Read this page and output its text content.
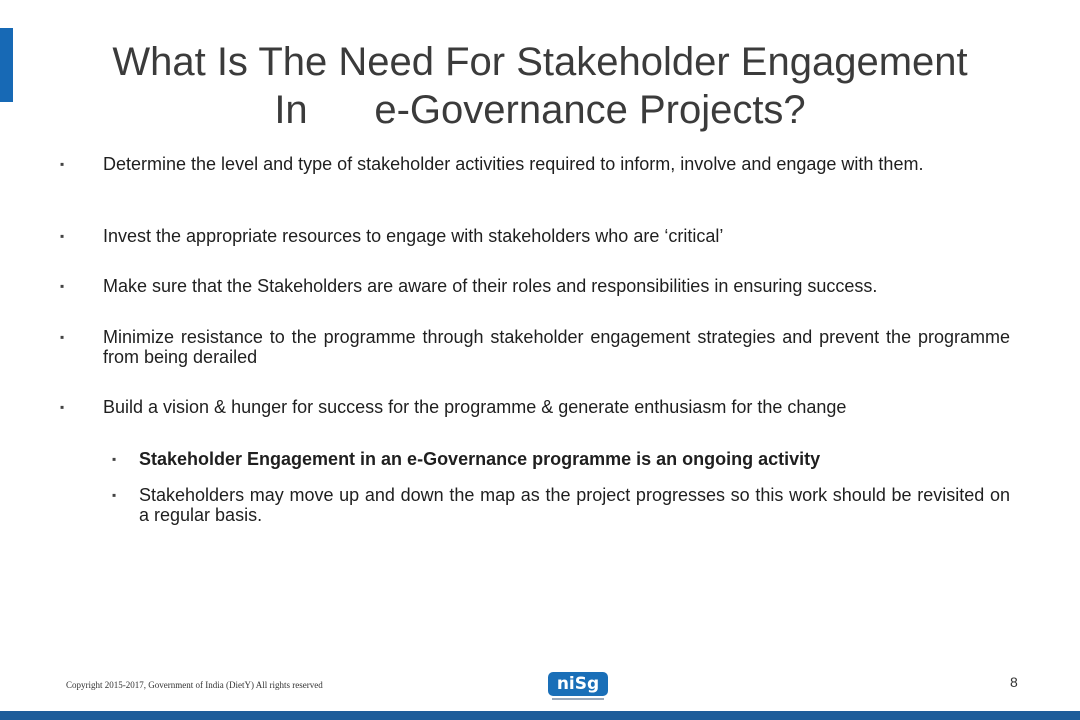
What Is The Need For Stakeholder Engagement
In      e-Governance Projects?
▪ Determine the level and type of stakeholder activities required to inform, involve and engage with them.
▪ Invest the appropriate resources to engage with stakeholders who are ‘critical’
▪ Make sure that the Stakeholders are aware of their roles and responsibilities in ensuring success.
▪ Minimize resistance to the programme through stakeholder engagement strategies and prevent the programme from being derailed
▪ Build a vision & hunger for success for the programme & generate enthusiasm for the change
▪ Stakeholder Engagement in an e-Governance programme is an ongoing activity
▪ Stakeholders may move up and down the map as the project progresses so this work should be revisited on a regular basis.
Copyright 2015-2017, Government of India (DietY) All rights reserved	niSg	8
